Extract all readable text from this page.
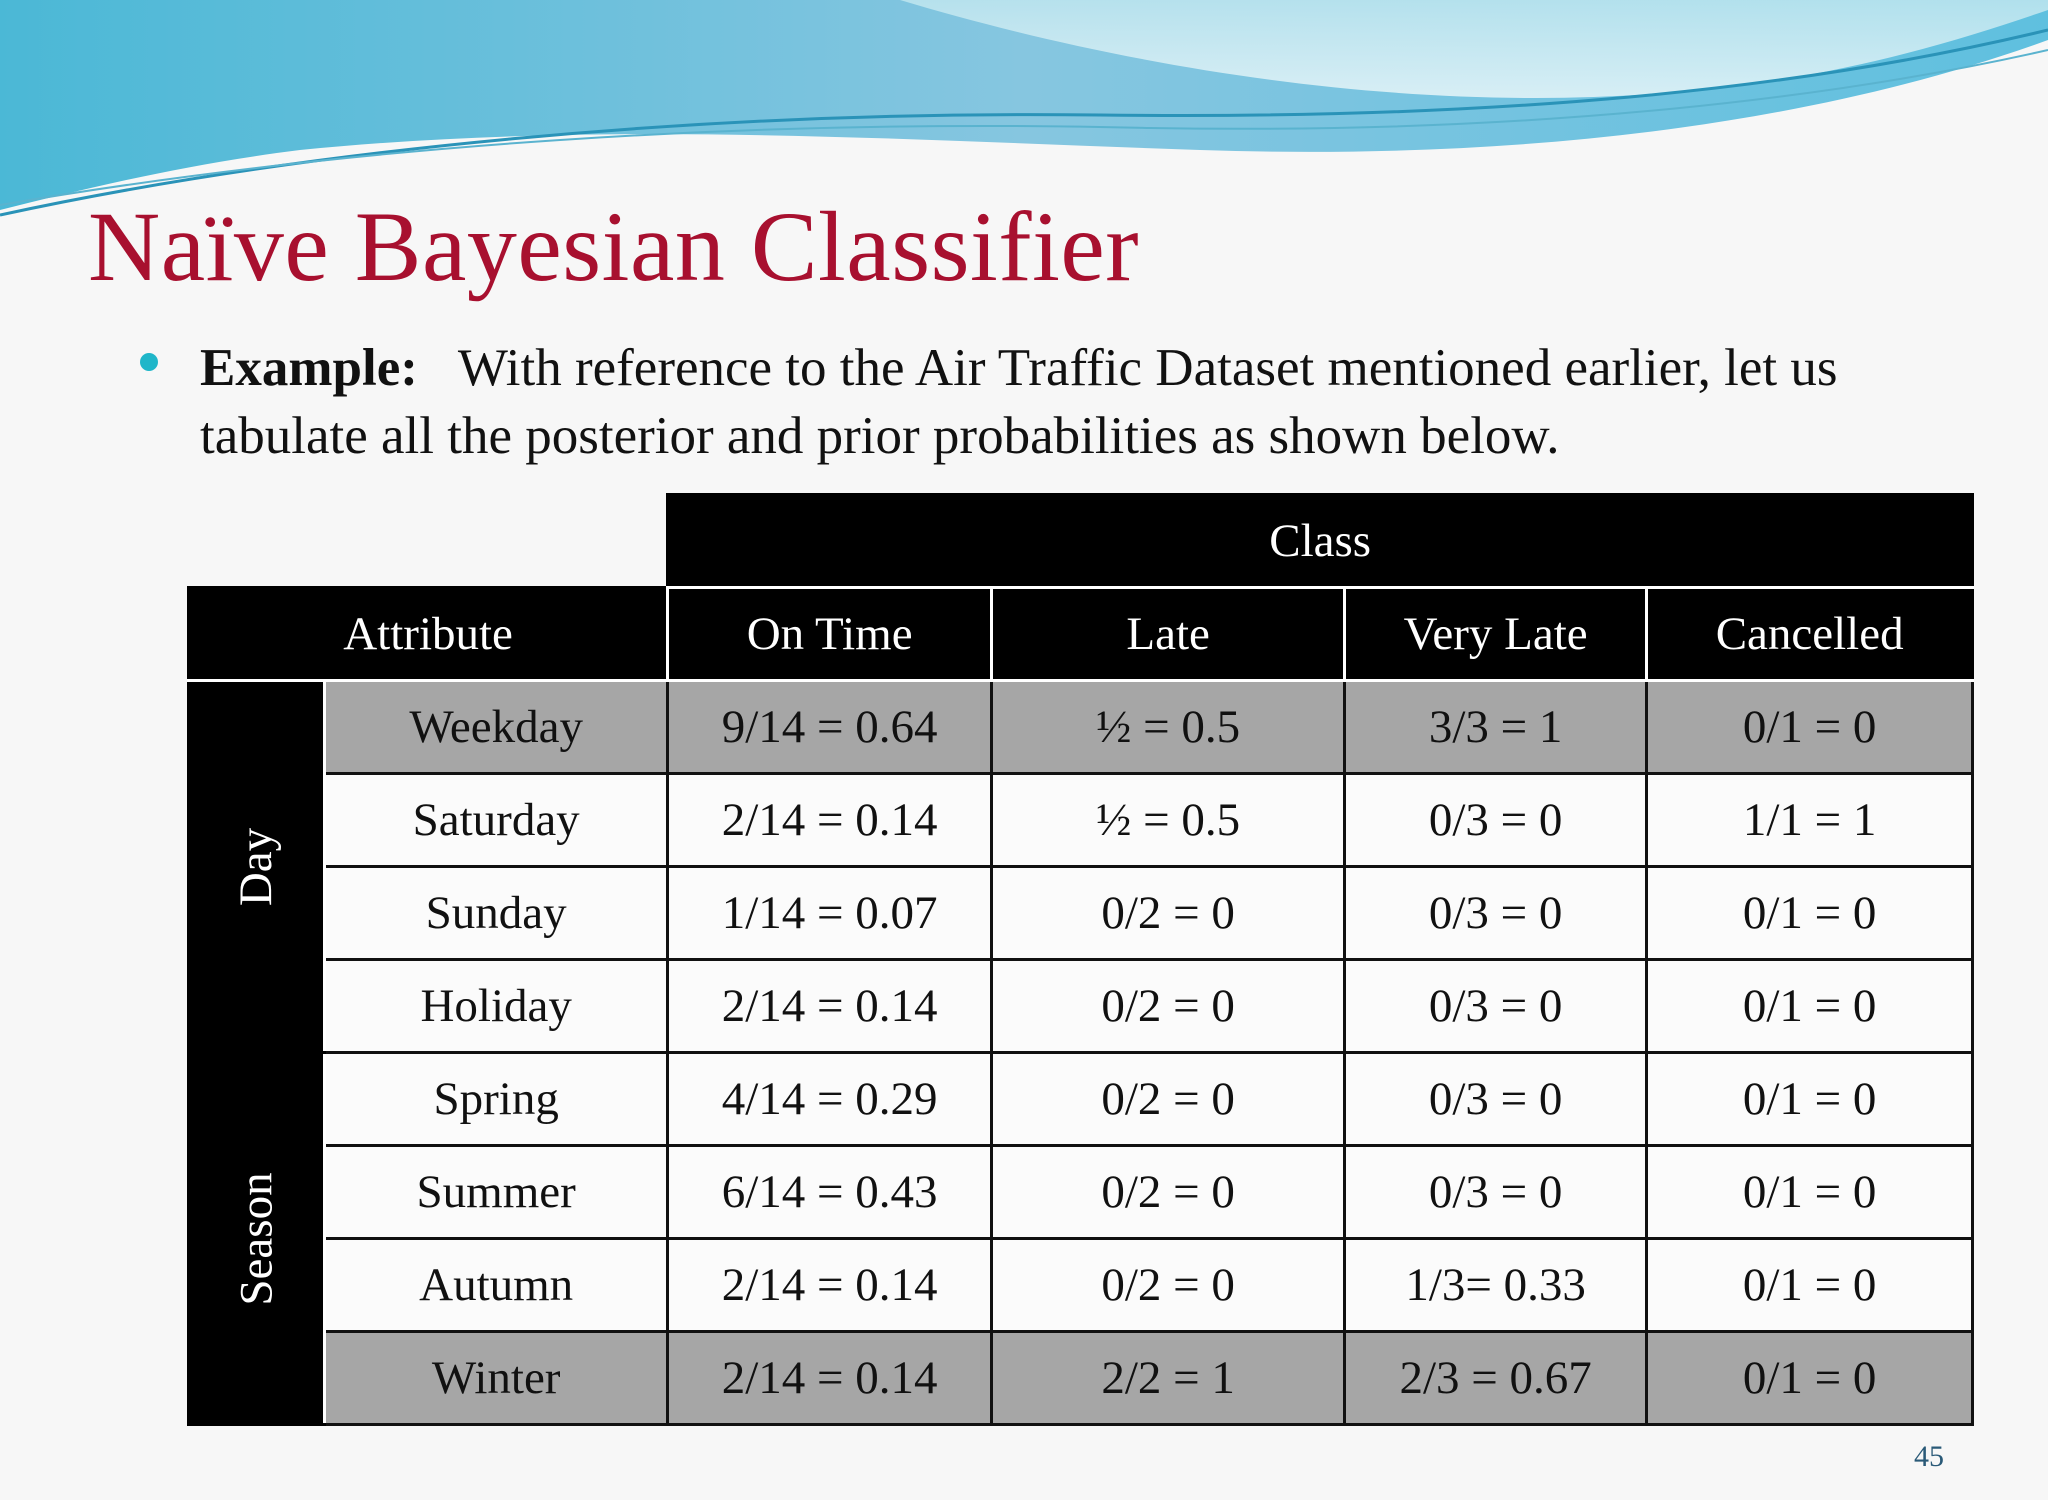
Naïve Bayesian Classifier
Example: With reference to the Air Traffic Dataset mentioned earlier, let us tabulate all the posterior and prior probabilities as shown below.
		Class			
Attribute		On Time	Late	Very Late	Cancelled
Day	Weekday	9/14 = 0.64	½ = 0.5	3/3 = 1	0/1 = 0
	Saturday	2/14 = 0.14	½ = 0.5	0/3 = 0	1/1 = 1
	Sunday	1/14 = 0.07	0/2 = 0	0/3 = 0	0/1 = 0
	Holiday	2/14 = 0.14	0/2 = 0	0/3 = 0	0/1 = 0
Season	Spring	4/14 = 0.29	0/2 = 0	0/3 = 0	0/1 = 0
	Summer	6/14 = 0.43	0/2 = 0	0/3 = 0	0/1 = 0
	Autumn	2/14 = 0.14	0/2 = 0	1/3= 0.33	0/1 = 0
	Winter	2/14 = 0.14	2/2 = 1	2/3 = 0.67	0/1 = 0
45
